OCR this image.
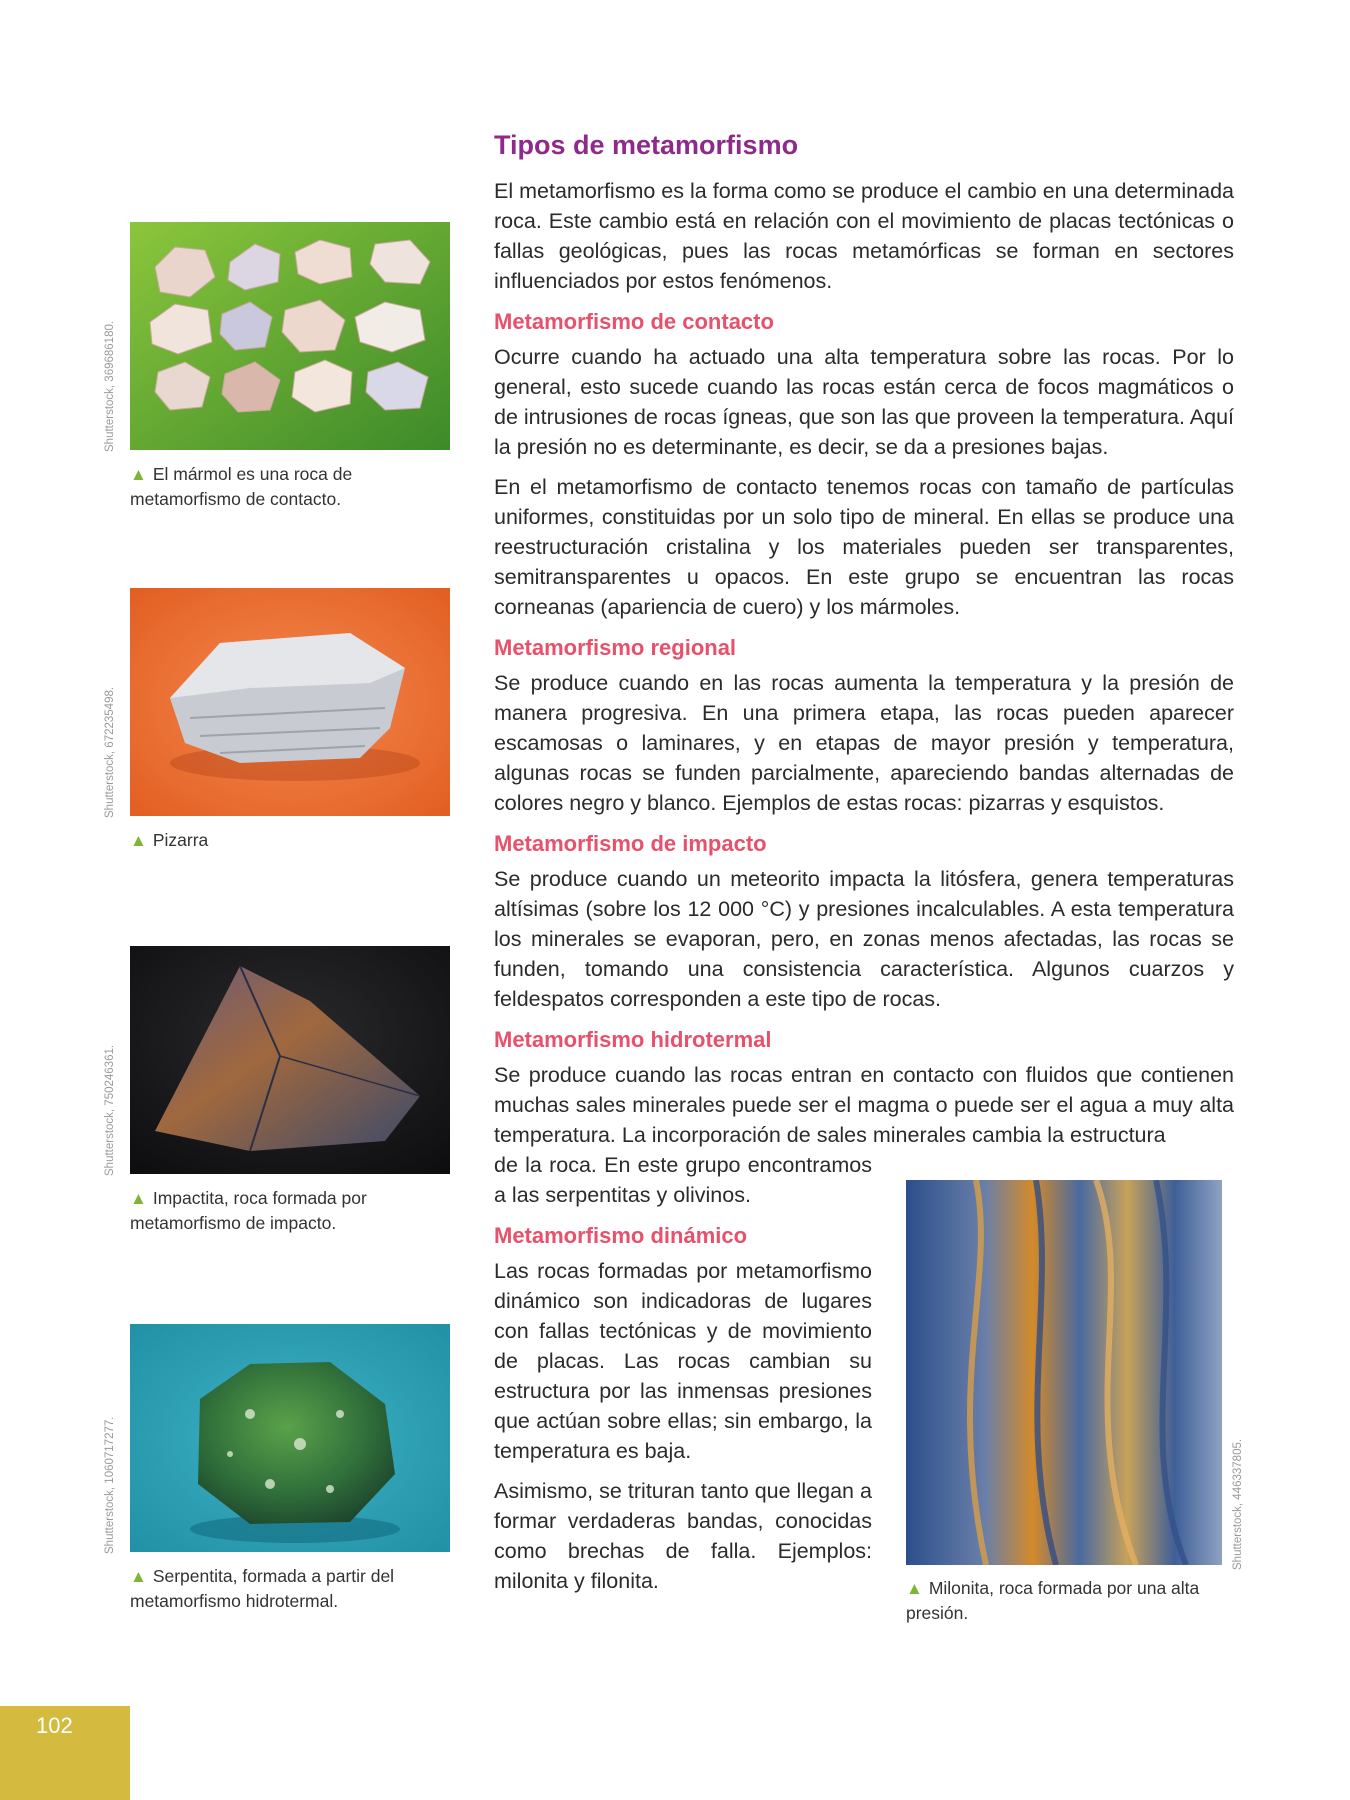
Shutterstock, 369686180.
▲ El mármol es una roca de metamorfismo de contacto.
Shutterstock, 672235498.
▲ Pizarra
Shutterstock, 750246361.
▲ Impactita, roca formada por metamorfismo de impacto.
Shutterstock, 1060717277.
▲ Serpentita, formada a partir del metamorfismo hidrotermal.
Tipos de metamorfismo

El metamorfismo es la forma como se produce el cambio en una determinada roca. Este cambio está en relación con el movimiento de placas tectónicas o fallas geológicas, pues las rocas metamórficas se forman en sectores influenciados por estos fenómenos.

Metamorfismo de contacto

Ocurre cuando ha actuado una alta temperatura sobre las rocas. Por lo general, esto sucede cuando las rocas están cerca de focos magmáticos o de intrusiones de rocas ígneas, que son las que proveen la temperatura. Aquí la presión no es determinante, es decir, se da a presiones bajas.

En el metamorfismo de contacto tenemos rocas con tamaño de partículas uniformes, constituidas por un solo tipo de mineral. En ellas se produce una reestructuración cristalina y los materiales pueden ser transparentes, semitransparentes u opacos. En este grupo se encuentran las rocas corneanas (apariencia de cuero) y los mármoles.

Metamorfismo regional

Se produce cuando en las rocas aumenta la temperatura y la presión de manera progresiva. En una primera etapa, las rocas pueden aparecer escamosas o laminares, y en etapas de mayor presión y temperatura, algunas rocas se funden parcialmente, apareciendo bandas alternadas de colores negro y blanco. Ejemplos de estas rocas: pizarras y esquistos.

Metamorfismo de impacto

Se produce cuando un meteorito impacta la litósfera, genera temperaturas altísimas (sobre los 12 000 °C) y presiones incalculables. A esta temperatura los minerales se evaporan, pero, en zonas menos afectadas, las rocas se funden, tomando una consistencia característica. Algunos cuarzos y feldespatos corresponden a este tipo de rocas.

Metamorfismo hidrotermal

Se produce cuando las rocas entran en contacto con fluidos que contienen muchas sales minerales puede ser el magma o puede ser el agua a muy alta temperatura. La incorporación de sales minerales cambia la estructura

de la roca. En este grupo encontramos a las serpentitas y olivinos.

Metamorfismo dinámico

Las rocas formadas por metamorfismo dinámico son indicadoras de lugares con fallas tectónicas y de movimiento de placas. Las rocas cambian su estructura por las inmensas presiones que actúan sobre ellas; sin embargo, la temperatura es baja.

Asimismo, se trituran tanto que llegan a formar verdaderas bandas, conocidas como brechas de falla. Ejemplos: milonita y filonita.

Shutterstock, 446337805.
▲ Milonita, roca formada por una alta presión.
102
